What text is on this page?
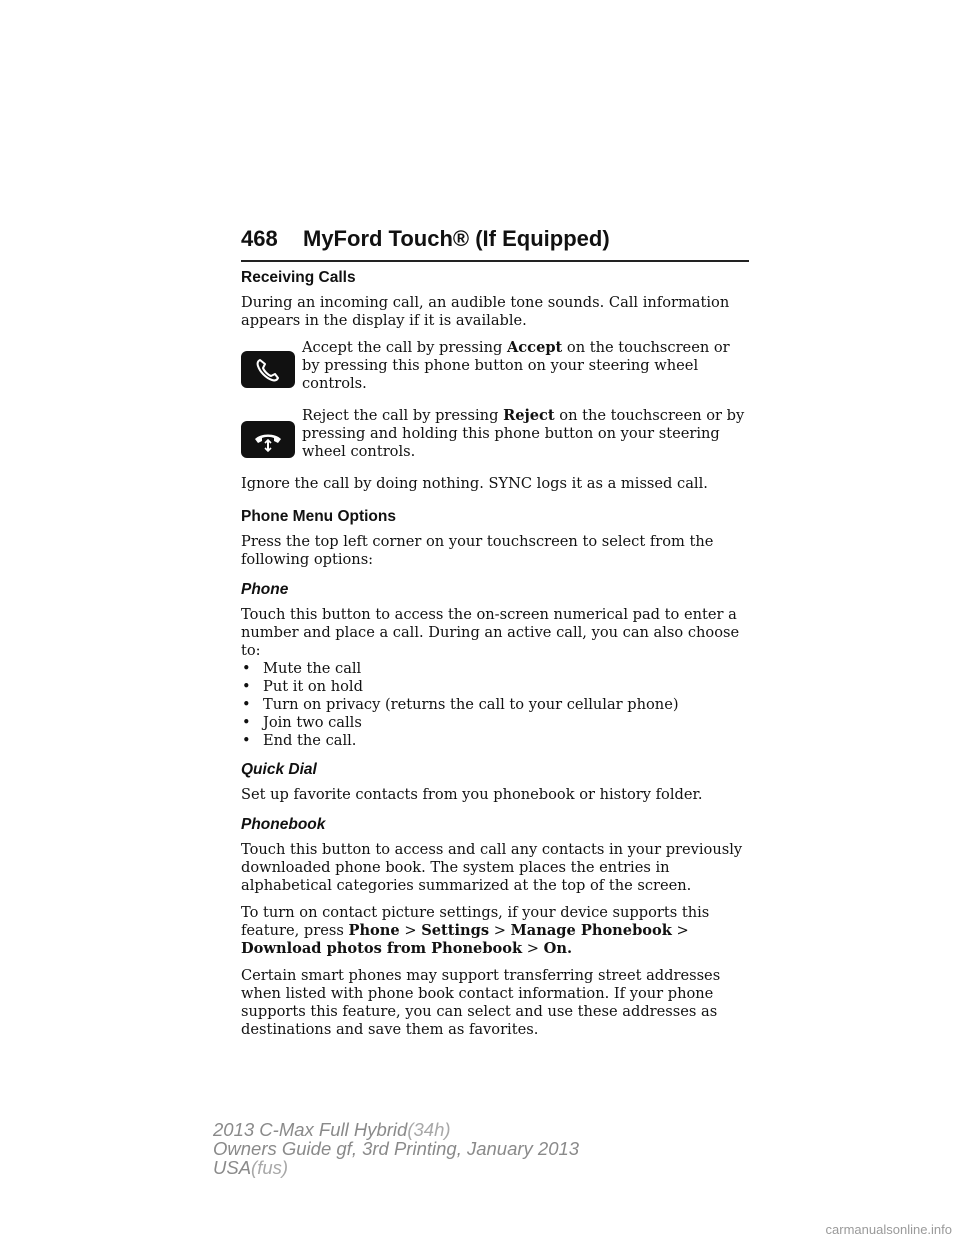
468 MyFord Touch® (If Equipped)
Receiving Calls

During an incoming call, an audible tone sounds. Call information appears in the display if it is available.

Accept the call by pressing Accept on the touchscreen or by pressing this phone button on your steering wheel controls.

Reject the call by pressing Reject on the touchscreen or by pressing and holding this phone button on your steering wheel controls.

Ignore the call by doing nothing. SYNC logs it as a missed call.

Phone Menu Options

Press the top left corner on your touchscreen to select from the following options:

Phone

Touch this button to access the on-screen numerical pad to enter a number and place a call. During an active call, you can also choose to:

• Mute the call
• Put it on hold
• Turn on privacy (returns the call to your cellular phone)
• Join two calls
• End the call.
Quick Dial

Set up favorite contacts from you phonebook or history folder.

Phonebook

Touch this button to access and call any contacts in your previously downloaded phone book. The system places the entries in alphabetical categories summarized at the top of the screen.

To turn on contact picture settings, if your device supports this feature, press Phone > Settings > Manage Phonebook > Download photos from Phonebook > On.

Certain smart phones may support transferring street addresses when listed with phone book contact information. If your phone supports this feature, you can select and use these addresses as destinations and save them as favorites.

2013 C-Max Full Hybrid(34h)
Owners Guide gf, 3rd Printing, January 2013
USA(fus)
carmanualsonline.info
